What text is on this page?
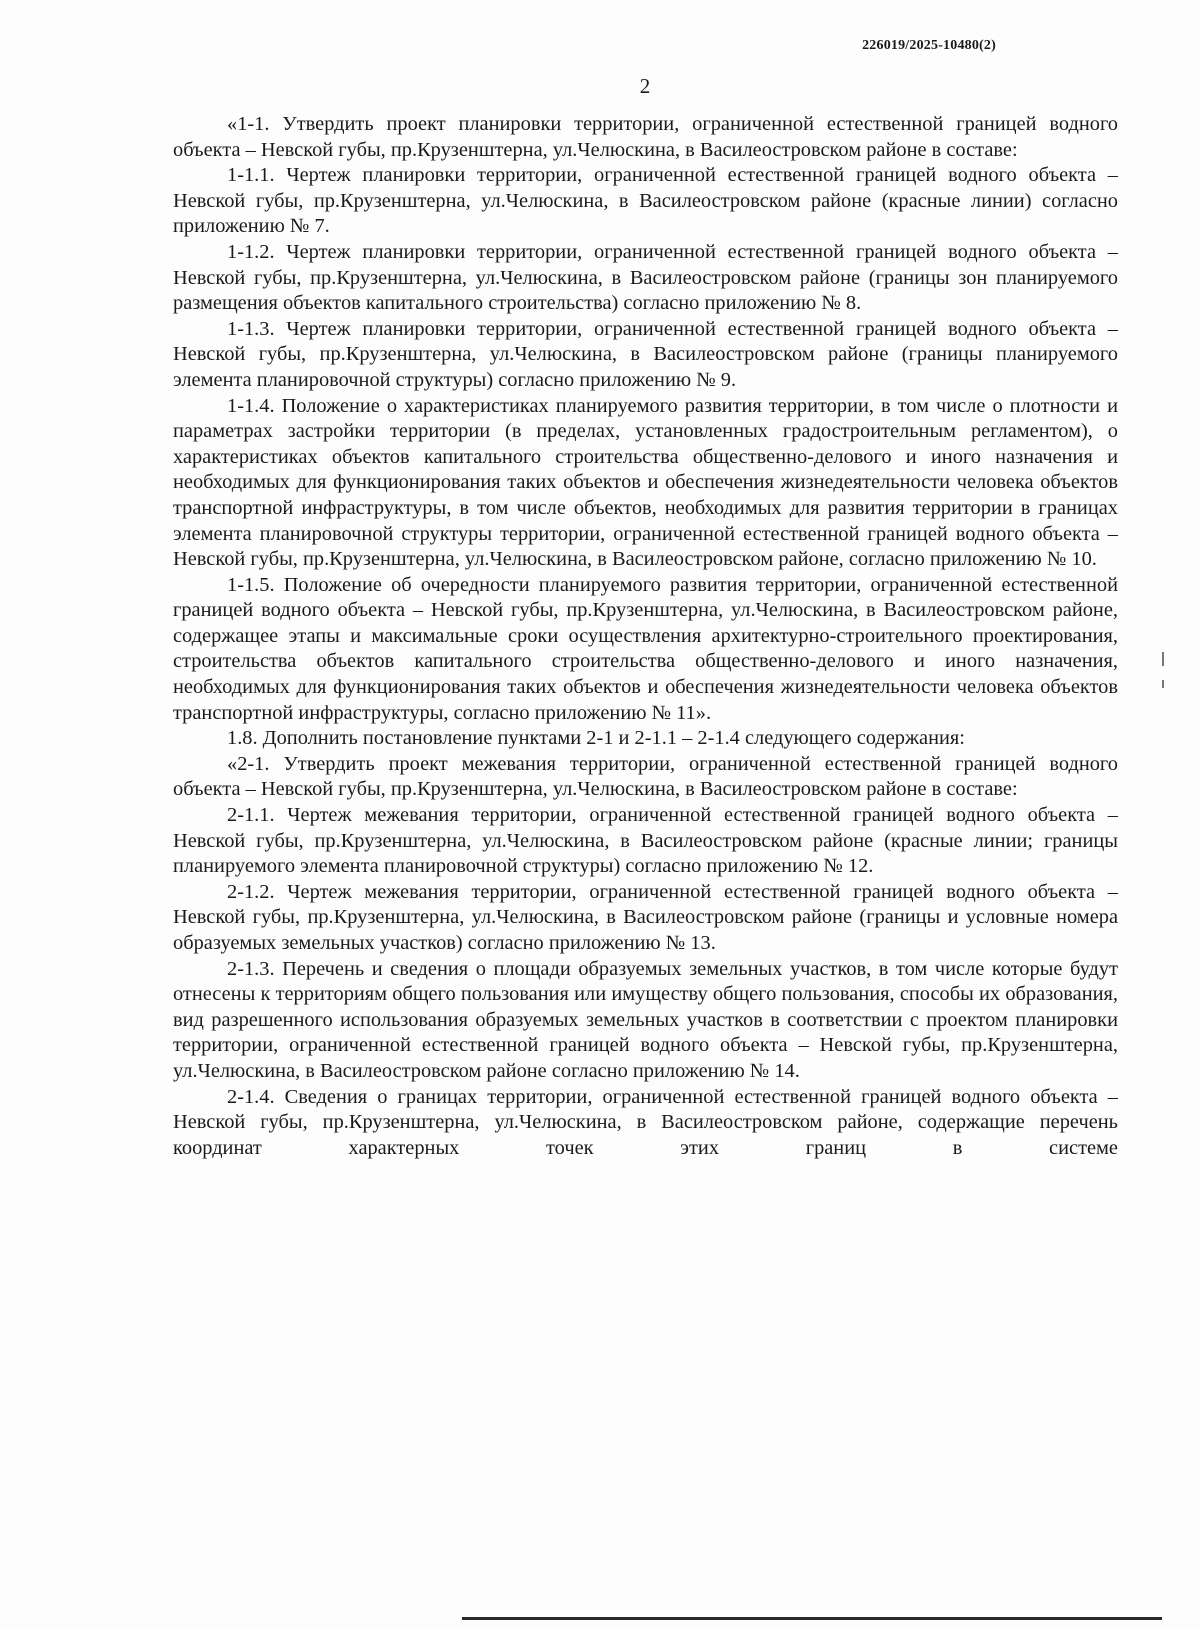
226019/2025-10480(2)
2

«1-1. Утвердить проект планировки территории, ограниченной естественной границей водного объекта – Невской губы, пр.Крузенштерна, ул.Челюскина, в Василеостровском районе в составе:

1-1.1. Чертеж планировки территории, ограниченной естественной границей водного объекта – Невской губы, пр.Крузенштерна, ул.Челюскина, в Василеостровском районе (красные линии) согласно приложению № 7.

1-1.2. Чертеж планировки территории, ограниченной естественной границей водного объекта – Невской губы, пр.Крузенштерна, ул.Челюскина, в Василеостровском районе (границы зон планируемого размещения объектов капитального строительства) согласно приложению № 8.

1-1.3. Чертеж планировки территории, ограниченной естественной границей водного объекта – Невской губы, пр.Крузенштерна, ул.Челюскина, в Василеостровском районе (границы планируемого элемента планировочной структуры) согласно приложению № 9.

1-1.4. Положение о характеристиках планируемого развития территории, в том числе о плотности и параметрах застройки территории (в пределах, установленных градостроительным регламентом), о характеристиках объектов капитального строительства общественно-делового и иного назначения и необходимых для функционирования таких объектов и обеспечения жизнедеятельности человека объектов транспортной инфраструктуры, в том числе объектов, необходимых для развития территории в границах элемента планировочной структуры территории, ограниченной естественной границей водного объекта – Невской губы, пр.Крузенштерна, ул.Челюскина, в Василеостровском районе, согласно приложению № 10.

1-1.5. Положение об очередности планируемого развития территории, ограниченной естественной границей водного объекта – Невской губы, пр.Крузенштерна, ул.Челюскина, в Василеостровском районе, содержащее этапы и максимальные сроки осуществления архитектурно-строительного проектирования, строительства объектов капитального строительства общественно-делового и иного назначения, необходимых для функционирования таких объектов и обеспечения жизнедеятельности человека объектов транспортной инфраструктуры, согласно приложению № 11».

1.8. Дополнить постановление пунктами 2-1 и 2-1.1 – 2-1.4 следующего содержания:

«2-1. Утвердить проект межевания территории, ограниченной естественной границей водного объекта – Невской губы, пр.Крузенштерна, ул.Челюскина, в Василеостровском районе в составе:

2-1.1. Чертеж межевания территории, ограниченной естественной границей водного объекта – Невской губы, пр.Крузенштерна, ул.Челюскина, в Василеостровском районе (красные линии; границы планируемого элемента планировочной структуры) согласно приложению № 12.

2-1.2. Чертеж межевания территории, ограниченной естественной границей водного объекта – Невской губы, пр.Крузенштерна, ул.Челюскина, в Василеостровском районе (границы и условные номера образуемых земельных участков) согласно приложению № 13.

2-1.3. Перечень и сведения о площади образуемых земельных участков, в том числе которые будут отнесены к территориям общего пользования или имуществу общего пользования, способы их образования, вид разрешенного использования образуемых земельных участков в соответствии с проектом планировки территории, ограниченной естественной границей водного объекта – Невской губы, пр.Крузенштерна, ул.Челюскина, в Василеостровском районе согласно приложению № 14.

2-1.4. Сведения о границах территории, ограниченной естественной границей водного объекта – Невской губы, пр.Крузенштерна, ул.Челюскина, в Василеостровском районе, содержащие перечень координат характерных точек этих границ в системе
